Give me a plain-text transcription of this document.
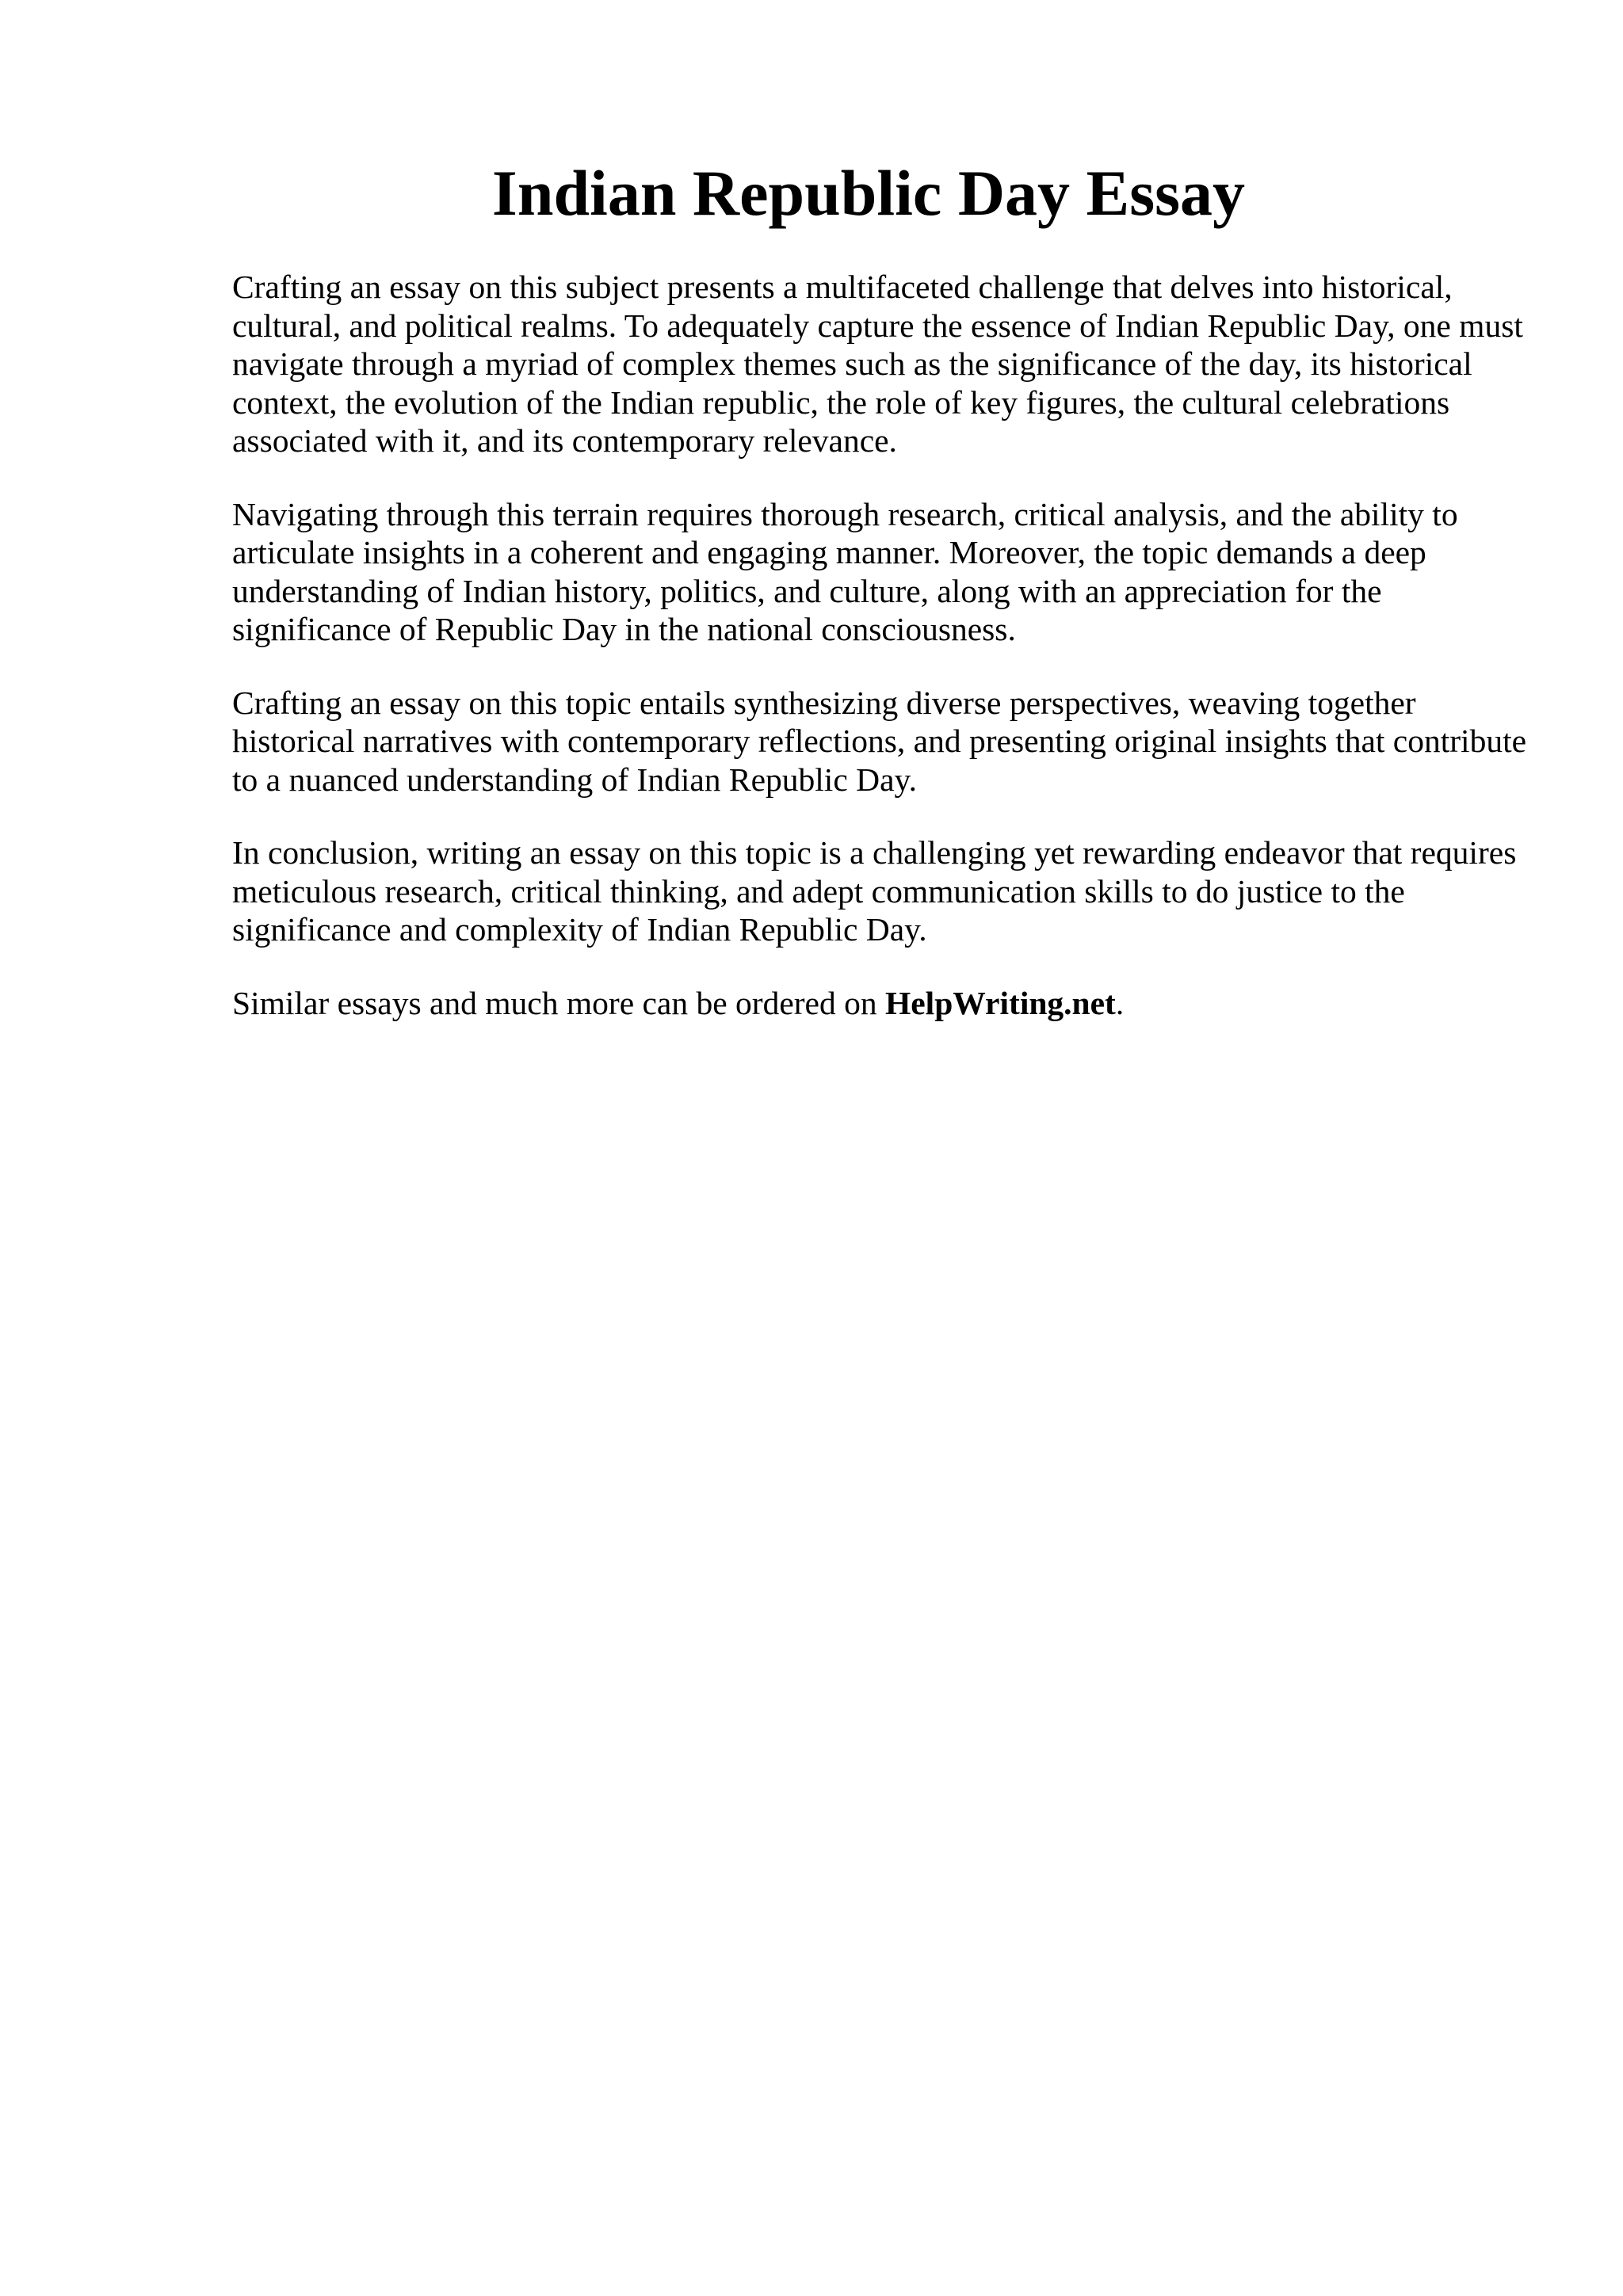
Indian Republic Day Essay

Crafting an essay on this subject presents a multifaceted challenge that delves into historical, cultural, and political realms. To adequately capture the essence of Indian Republic Day, one must navigate through a myriad of complex themes such as the significance of the day, its historical context, the evolution of the Indian republic, the role of key figures, the cultural celebrations associated with it, and its contemporary relevance.

Navigating through this terrain requires thorough research, critical analysis, and the ability to articulate insights in a coherent and engaging manner. Moreover, the topic demands a deep understanding of Indian history, politics, and culture, along with an appreciation for the significance of Republic Day in the national consciousness.

Crafting an essay on this topic entails synthesizing diverse perspectives, weaving together historical narratives with contemporary reflections, and presenting original insights that contribute to a nuanced understanding of Indian Republic Day.

In conclusion, writing an essay on this topic is a challenging yet rewarding endeavor that requires meticulous research, critical thinking, and adept communication skills to do justice to the significance and complexity of Indian Republic Day.

Similar essays and much more can be ordered on HelpWriting.net.
